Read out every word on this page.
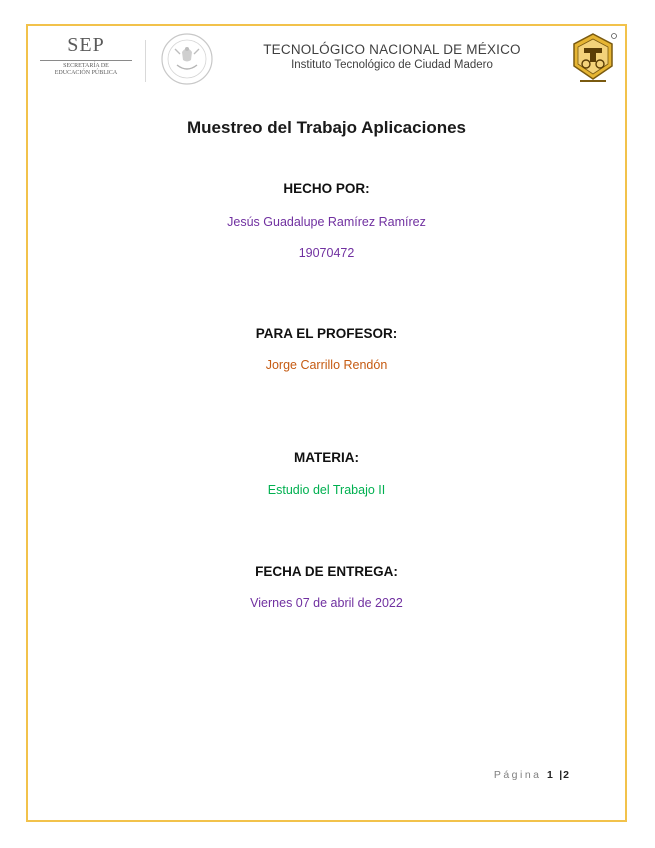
SEP
SECRETARÍA DE
EDUCACIÓN PÚBLICA
TECNOLÓGICO NACIONAL DE MÉXICO
Instituto Tecnológico de Ciudad Madero
Muestreo del Trabajo Aplicaciones
HECHO POR:
Jesús Guadalupe Ramírez Ramírez
19070472
PARA EL PROFESOR:
Jorge Carrillo Rendón
MATERIA:
Estudio del Trabajo II
FECHA DE ENTREGA:
Viernes 07 de abril de 2022
Página 1 |2
